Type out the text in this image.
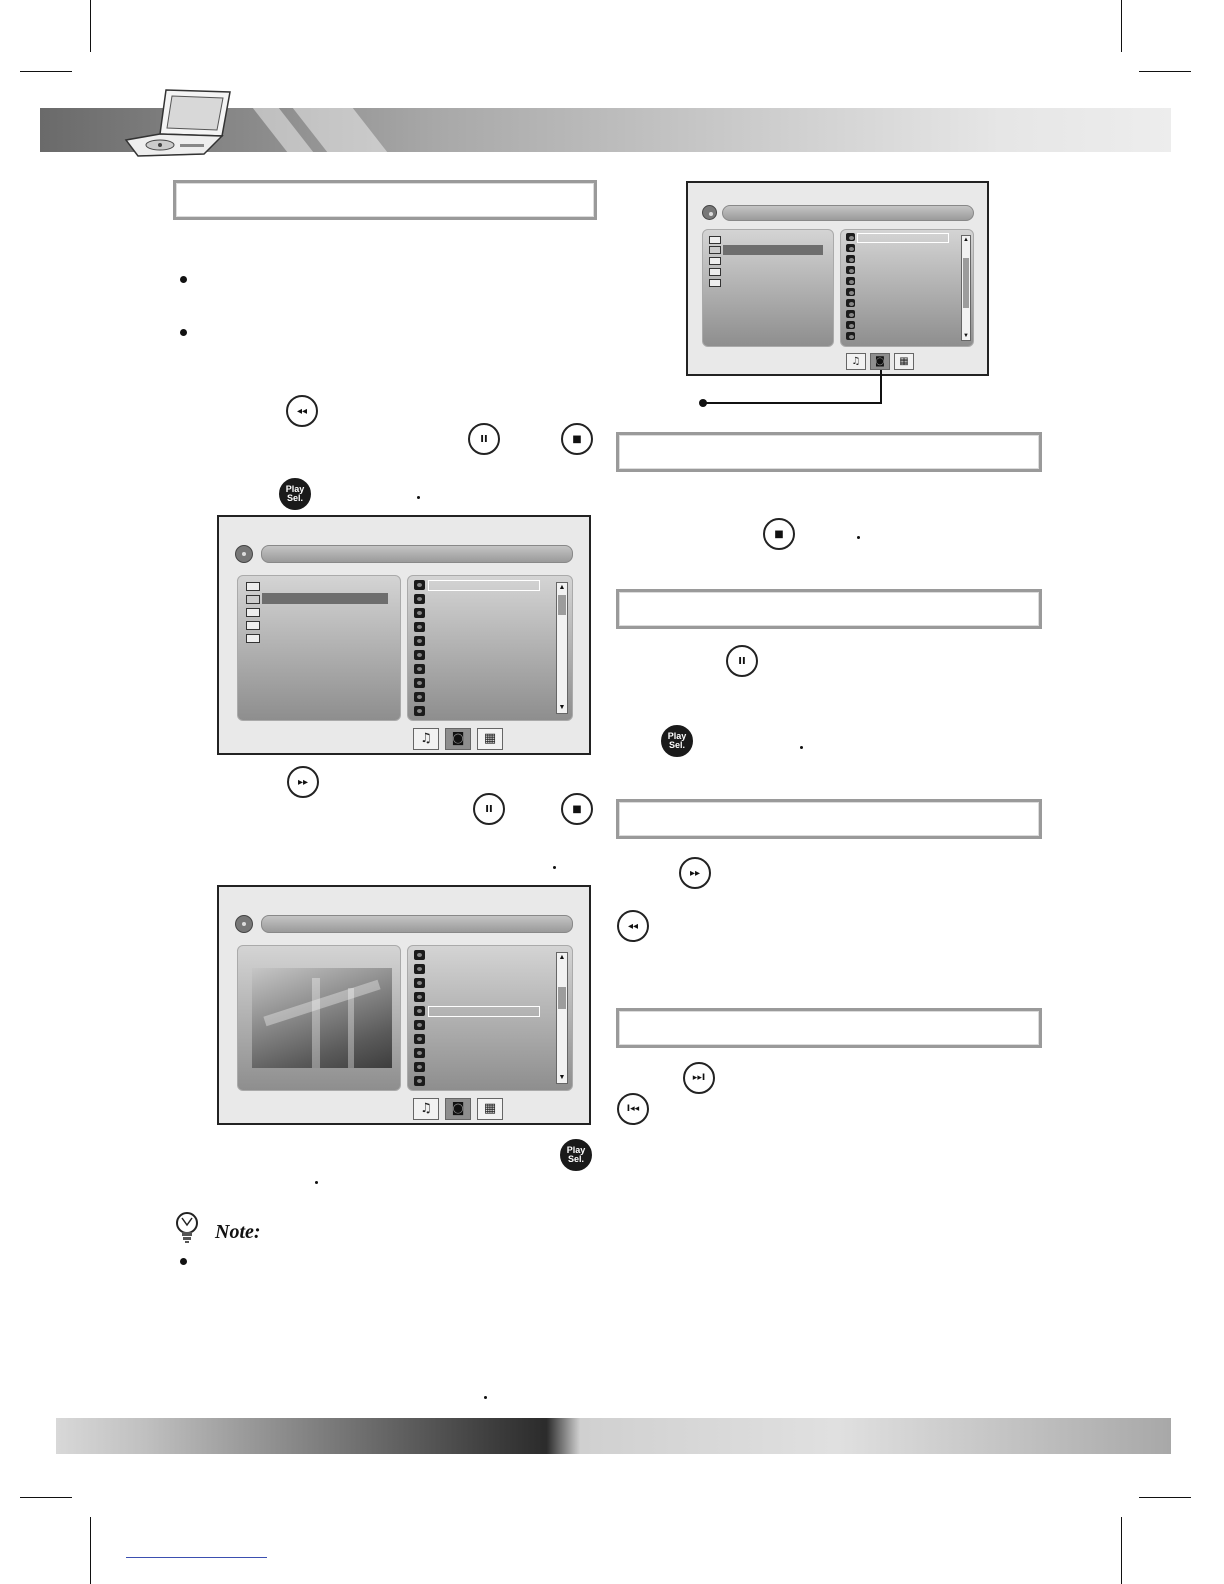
◂◂
II	■
Play
Sel.
▲
▼
♫	◙	▦
▸▸
II	■
▲
▼
♫	◙	▦
Play
Sel.
Note:
▲
▼
♫	◙	▦
■
II
Play
Sel.
▸▸
◂◂
▸▸I
I◂◂
